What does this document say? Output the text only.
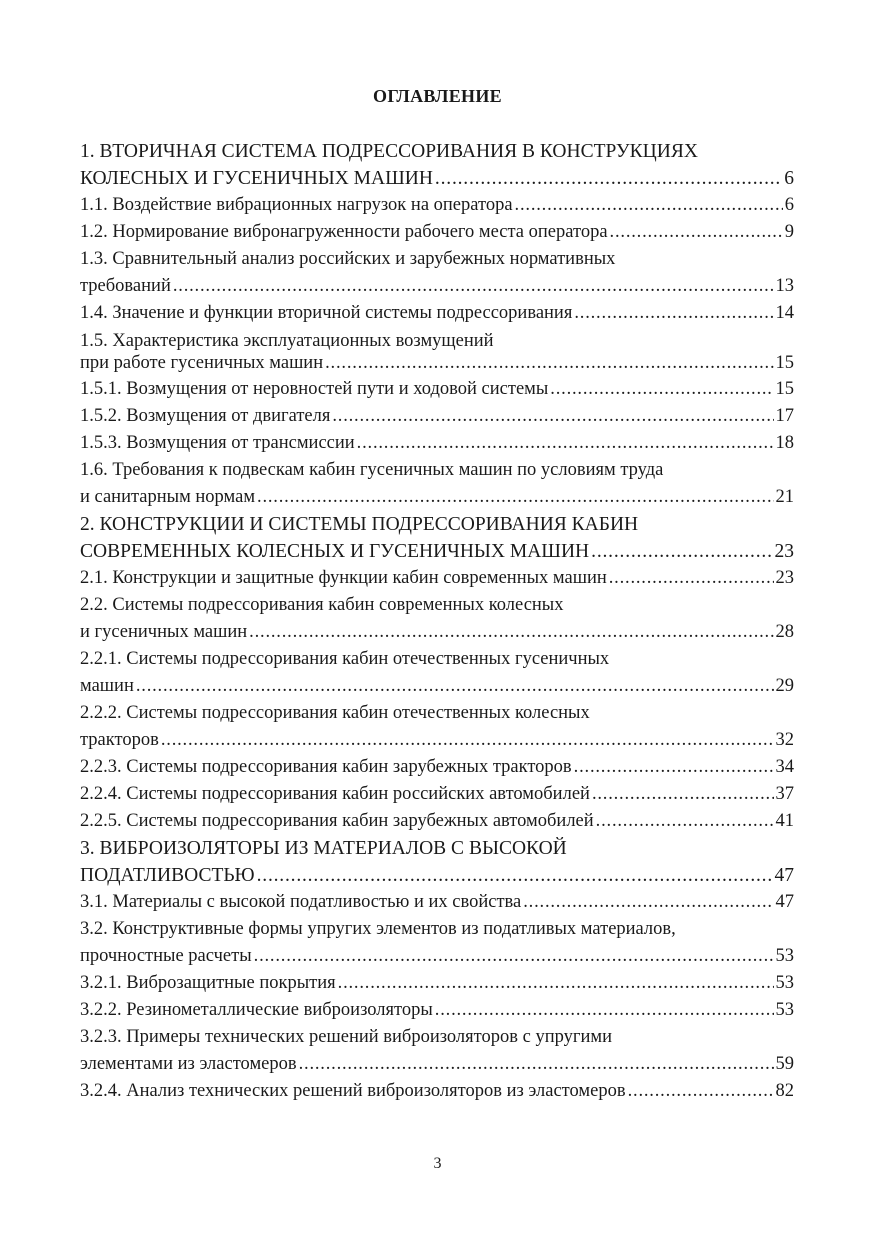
ОГЛАВЛЕНИЕ
1. ВТОРИЧНАЯ СИСТЕМА ПОДРЕССОРИВАНИЯ В КОНСТРУКЦИЯХ
КОЛЕСНЫХ И ГУСЕНИЧНЫХ МАШИН .....	6
1.1. Воздействие вибрационных нагрузок на оператора .....	6
1.2. Нормирование вибронагруженности рабочего места оператора .....	9
1.3. Сравнительный анализ российских и зарубежных нормативных
требований .....	13
1.4. Значение и функции вторичной системы подрессоривания .....	14
1.5. Характеристика эксплуатационных возмущений
при работе гусеничных машин .....	15
1.5.1. Возмущения от неровностей пути и ходовой системы .....	15
1.5.2. Возмущения от двигателя .....	17
1.5.3. Возмущения от трансмиссии .....	18
1.6. Требования к подвескам кабин гусеничных машин по условиям труда
и санитарным нормам .....	21
2. КОНСТРУКЦИИ И СИСТЕМЫ ПОДРЕССОРИВАНИЯ КАБИН
СОВРЕМЕННЫХ КОЛЕСНЫХ И ГУСЕНИЧНЫХ МАШИН .....	23
2.1. Конструкции и защитные функции кабин современных машин .....	23
2.2. Системы подрессоривания кабин современных колесных
и гусеничных машин .....	28
2.2.1. Системы подрессоривания кабин отечественных гусеничных
машин .....	29
2.2.2. Системы подрессоривания кабин отечественных колесных
тракторов .....	32
2.2.3. Системы подрессоривания кабин зарубежных тракторов .....	34
2.2.4. Системы подрессоривания кабин российских автомобилей .....	37
2.2.5. Системы подрессоривания кабин зарубежных автомобилей .....	41
3. ВИБРОИЗОЛЯТОРЫ ИЗ МАТЕРИАЛОВ С ВЫСОКОЙ
ПОДАТЛИВОСТЬЮ .....	47
3.1. Материалы с высокой податливостью и их свойства .....	47
3.2. Конструктивные формы упругих элементов из податливых материалов,
прочностные расчеты .....	53
3.2.1. Виброзащитные покрытия .....	53
3.2.2. Резинометаллические виброизоляторы .....	53
3.2.3. Примеры технических решений виброизоляторов с упругими
элементами из эластомеров .....	59
3.2.4. Анализ технических решений виброизоляторов из эластомеров .....	82
3
